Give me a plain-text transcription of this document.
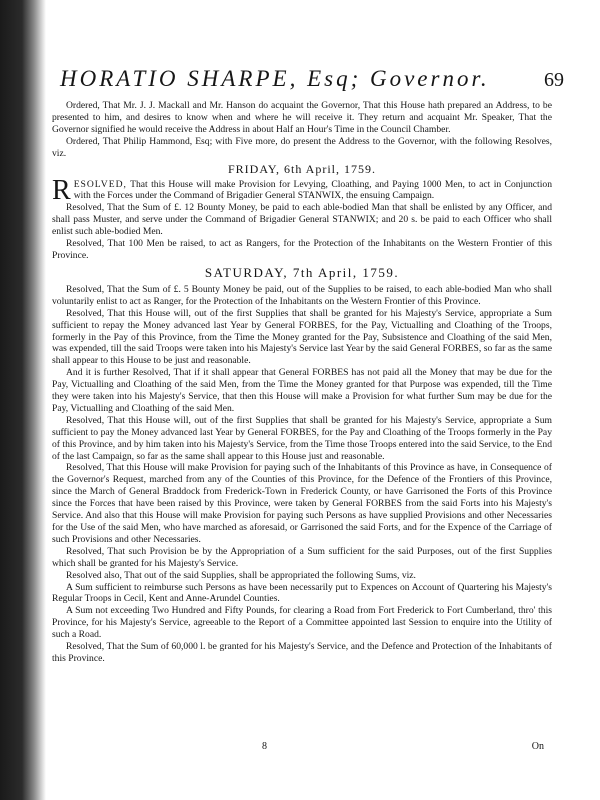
HORATIO SHARPE, Esq; Governor.	69

Ordered, That Mr. J. J. Mackall and Mr. Hanson do acquaint the Governor, That this House hath prepared an Address, to be presented to him, and desires to know when and where he will receive it. They return and acquaint Mr. Speaker, That the Governor signified he would receive the Address in about Half an Hour's Time in the Council Chamber.

Ordered, That Philip Hammond, Esq; with Five more, do present the Address to the Governor, with the following Resolves, viz.

FRIDAY, 6th April, 1759.

RESOLVED, That this House will make Provision for Levying, Cloathing, and Paying 1000 Men, to act in Conjunction with the Forces under the Command of Brigadier General STANWIX, the ensuing Campaign.

Resolved, That the Sum of £. 12 Bounty Money, be paid to each able-bodied Man that shall be enlisted by any Officer, and shall pass Muster, and serve under the Command of Brigadier General STANWIX; and 20 s. be paid to each Officer who shall enlist such able-bodied Men.

Resolved, That 100 Men be raised, to act as Rangers, for the Protection of the Inhabitants on the Western Frontier of this Province.

SATURDAY, 7th April, 1759.

Resolved, That the Sum of £. 5 Bounty Money be paid, out of the Supplies to be raised, to each able-bodied Man who shall voluntarily enlist to act as Ranger, for the Protection of the Inhabitants on the Western Frontier of this Province.

Resolved, That this House will, out of the first Supplies that shall be granted for his Majesty's Service, appropriate a Sum sufficient to repay the Money advanced last Year by General FORBES, for the Pay, Victualling and Cloathing of the Troops, formerly in the Pay of this Province, from the Time the Money granted for the Pay, Subsistence and Cloathing of the said Men, was expended, till the said Troops were taken into his Majesty's Service last Year by the said General FORBES, so far as the same shall appear to this House to be just and reasonable.

And it is further Resolved, That if it shall appear that General FORBES has not paid all the Money that may be due for the Pay, Victualling and Cloathing of the said Men, from the Time the Money granted for that Purpose was expended, till the Time they were taken into his Majesty's Service, that then this House will make a Provision for what further Sum may be due for the Pay, Victualling and Cloathing of the said Men.

Resolved, That this House will, out of the first Supplies that shall be granted for his Majesty's Service, appropriate a Sum sufficient to pay the Money advanced last Year by General FORBES, for the Pay and Cloathing of the Troops formerly in the Pay of this Province, and by him taken into his Majesty's Service, from the Time those Troops entered into the said Service, to the End of the last Campaign, so far as the same shall appear to this House just and reasonable.

Resolved, That this House will make Provision for paying such of the Inhabitants of this Province as have, in Consequence of the Governor's Request, marched from any of the Counties of this Province, for the Defence of the Frontiers of this Province, since the March of General Braddock from Frederick-Town in Frederick County, or have Garrisoned the Forts of this Province since the Forces that have been raised by this Province, were taken by General FORBES from the said Forts into his Majesty's Service. And also that this House will make Provision for paying such Persons as have supplied Provisions and other Necessaries for the Use of the said Men, who have marched as aforesaid, or Garrisoned the said Forts, and for the Expence of the Carriage of such Provisions and other Necessaries.

Resolved, That such Provision be by the Appropriation of a Sum sufficient for the said Purposes, out of the first Supplies which shall be granted for his Majesty's Service.

Resolved also, That out of the said Supplies, shall be appropriated the following Sums, viz.

A Sum sufficient to reimburse such Persons as have been necessarily put to Expences on Account of Quartering his Majesty's Regular Troops in Cecil, Kent and Anne-Arundel Counties.

A Sum not exceeding Two Hundred and Fifty Pounds, for clearing a Road from Fort Frederick to Fort Cumberland, thro' this Province, for his Majesty's Service, agreeable to the Report of a Committee appointed last Session to enquire into the Utility of such a Road.

Resolved, That the Sum of 60,000 l. be granted for his Majesty's Service, and the Defence and Protection of the Inhabitants of this Province.

8	On
